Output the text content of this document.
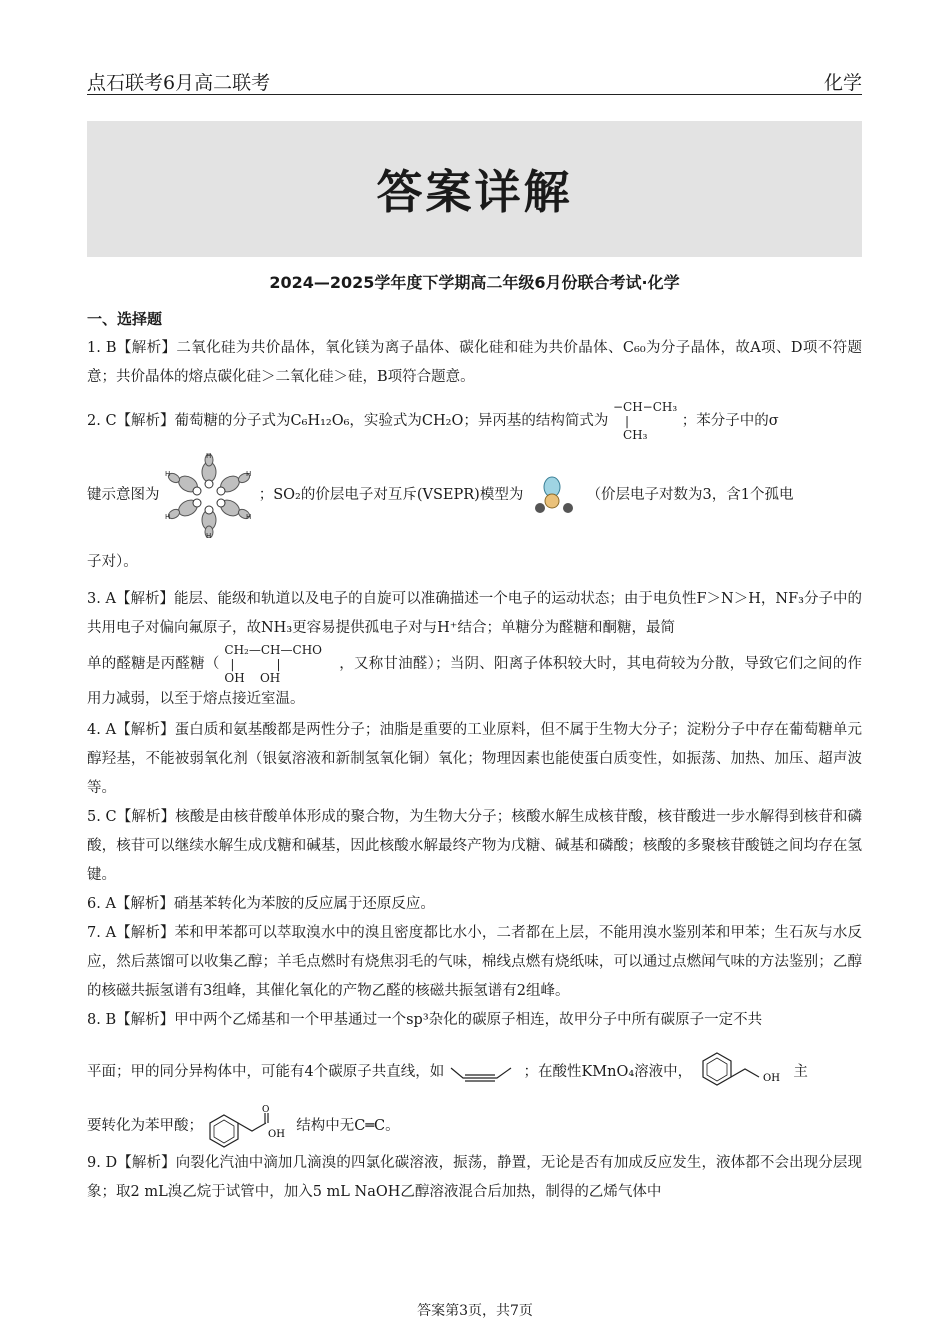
点石联考6月高二联考	化学
答案详解
2024—2025学年度下学期高二年级6月份联合考试·化学
一、选择题

1. B【解析】二氧化硅为共价晶体，氧化镁为离子晶体、碳化硅和硅为共价晶体、C₆₀为分子晶体，故A项、D项不符题意；共价晶体的熔点碳化硅＞二氧化硅＞硅，B项符合题意。

2. C【解析】葡萄糖的分子式为C₆H₁₂O₆，实验式为CH₂O；异丙基的结构简式为 −CH−CH₃
|
CH₃ ；苯分子中的σ

键示意图为
H
H
H
H
H
H
；SO₂的价层电子对互斥(VSEPR)模型为	（价层电子对数为3，含1个孤电

子对）。

3. A【解析】能层、能级和轨道以及电子的自旋可以准确描述一个电子的运动状态；由于电负性F＞N＞H，NF₃分子中的共用电子对偏向氟原子，故NH₃更容易提供孤电子对与H⁺结合；单糖分为醛糖和酮糖，最简
单的醛糖是丙醛糖（ CH₂—CH—CHO
|	|
OH    OH ，又称甘油醛）；当阴、阳离子体积较大时，其电荷较为分散，导致它们之间的作用力减弱，以至于熔点接近室温。

4. A【解析】蛋白质和氨基酸都是两性分子；油脂是重要的工业原料，但不属于生物大分子；淀粉分子中存在葡萄糖单元醇羟基，不能被弱氧化剂（银氨溶液和新制氢氧化铜）氧化；物理因素也能使蛋白质变性，如振荡、加热、加压、超声波等。

5. C【解析】核酸是由核苷酸单体形成的聚合物，为生物大分子；核酸水解生成核苷酸，核苷酸进一步水解得到核苷和磷酸，核苷可以继续水解生成戊糖和碱基，因此核酸水解最终产物为戊糖、碱基和磷酸；核酸的多聚核苷酸链之间均存在氢键。

6. A【解析】硝基苯转化为苯胺的反应属于还原反应。

7. A【解析】苯和甲苯都可以萃取溴水中的溴且密度都比水小，二者都在上层，不能用溴水鉴别苯和甲苯；生石灰与水反应，然后蒸馏可以收集乙醇；羊毛点燃时有烧焦羽毛的气味，棉线点燃有烧纸味，可以通过点燃闻气味的方法鉴别；乙醇的核磁共振氢谱有3组峰，其催化氧化的产物乙醛的核磁共振氢谱有2组峰。

8. B【解析】甲中两个乙烯基和一个甲基通过一个sp³杂化的碳原子相连，故甲分子中所有碳原子一定不共

平面；甲的同分异构体中，可能有4个碳原子共直线，如	；在酸性KMnO₄溶液中，	OH 主

要转化为苯甲酸；
O
OH
结构中无C═C。

9. D【解析】向裂化汽油中滴加几滴溴的四氯化碳溶液，振荡，静置，无论是否有加成反应发生，液体都不会出现分层现象；取2 mL溴乙烷于试管中，加入5 mL NaOH乙醇溶液混合后加热，制得的乙烯气体中

答案第3页，共7页
